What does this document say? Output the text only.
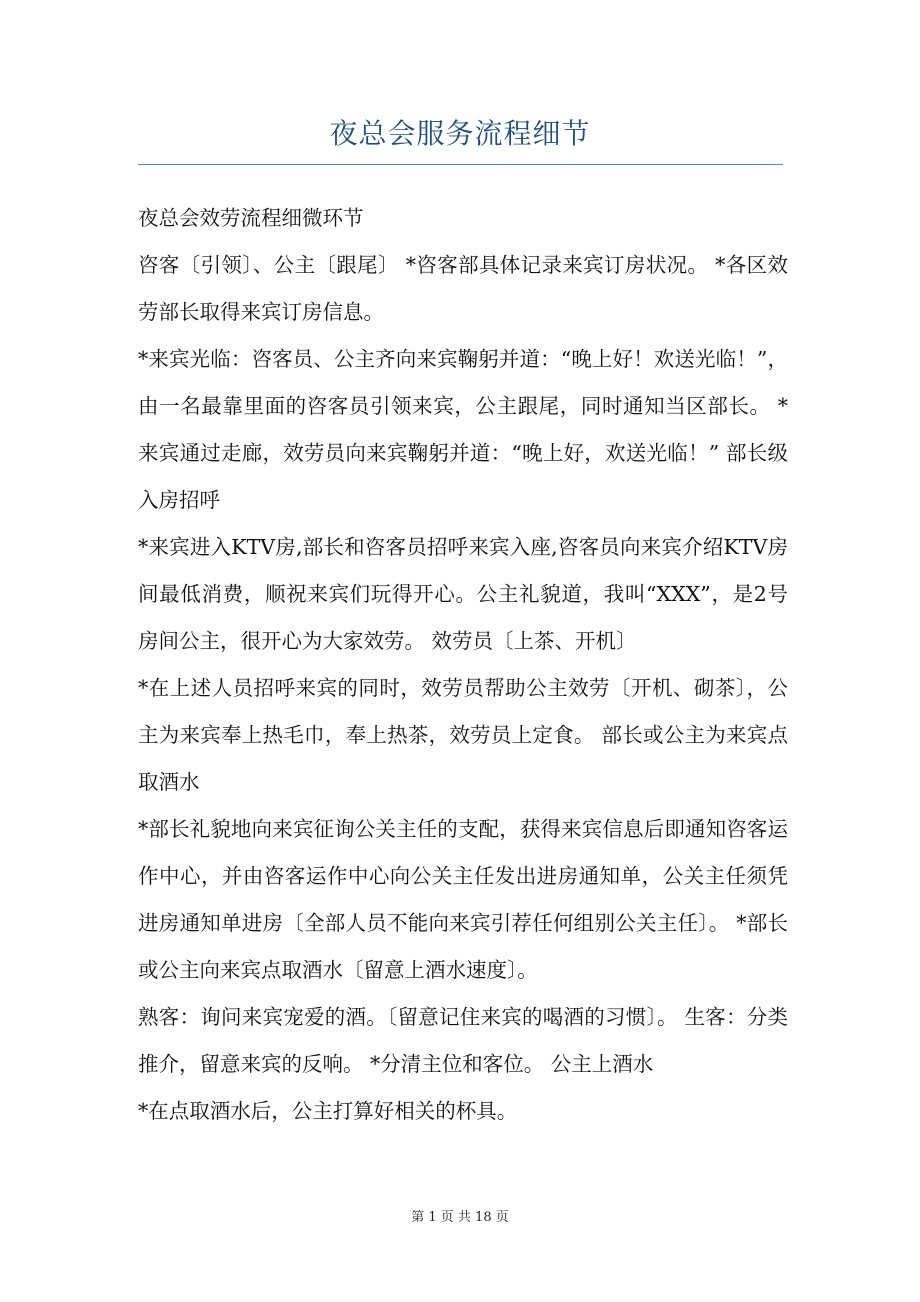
夜总会服务流程细节

夜总会效劳流程细微环节

咨客〔引领〕、公主〔跟尾〕 *咨客部具体记录来宾订房状况。 *各区效劳部长取得来宾订房信息。

*来宾光临：咨客员、公主齐向来宾鞠躬并道：“晚上好！欢送光临！”，由一名最靠里面的咨客员引领来宾，公主跟尾，同时通知当区部长。 *来宾通过走廊，效劳员向来宾鞠躬并道：“晚上好，欢送光临！” 部长级入房招呼

*来宾进入KTV房,部长和咨客员招呼来宾入座,咨客员向来宾介绍KTV房间最低消费，顺祝来宾们玩得开心。公主礼貌道，我叫“XXX”，是2号房间公主，很开心为大家效劳。 效劳员〔上茶、开机〕

*在上述人员招呼来宾的同时，效劳员帮助公主效劳〔开机、砌茶〕，公主为来宾奉上热毛巾，奉上热茶，效劳员上定食。 部长或公主为来宾点取酒水

*部长礼貌地向来宾征询公关主任的支配，获得来宾信息后即通知咨客运作中心，并由咨客运作中心向公关主任发出进房通知单，公关主任须凭进房通知单进房〔全部人员不能向来宾引荐任何组别公关主任〕。 *部长或公主向来宾点取酒水〔留意上酒水速度〕。

熟客：询问来宾宠爱的酒。〔留意记住来宾的喝酒的习惯〕。 生客：分类推介，留意来宾的反响。 *分清主位和客位。 公主上酒水

*在点取酒水后，公主打算好相关的杯具。

第 1 页 共 18 页
